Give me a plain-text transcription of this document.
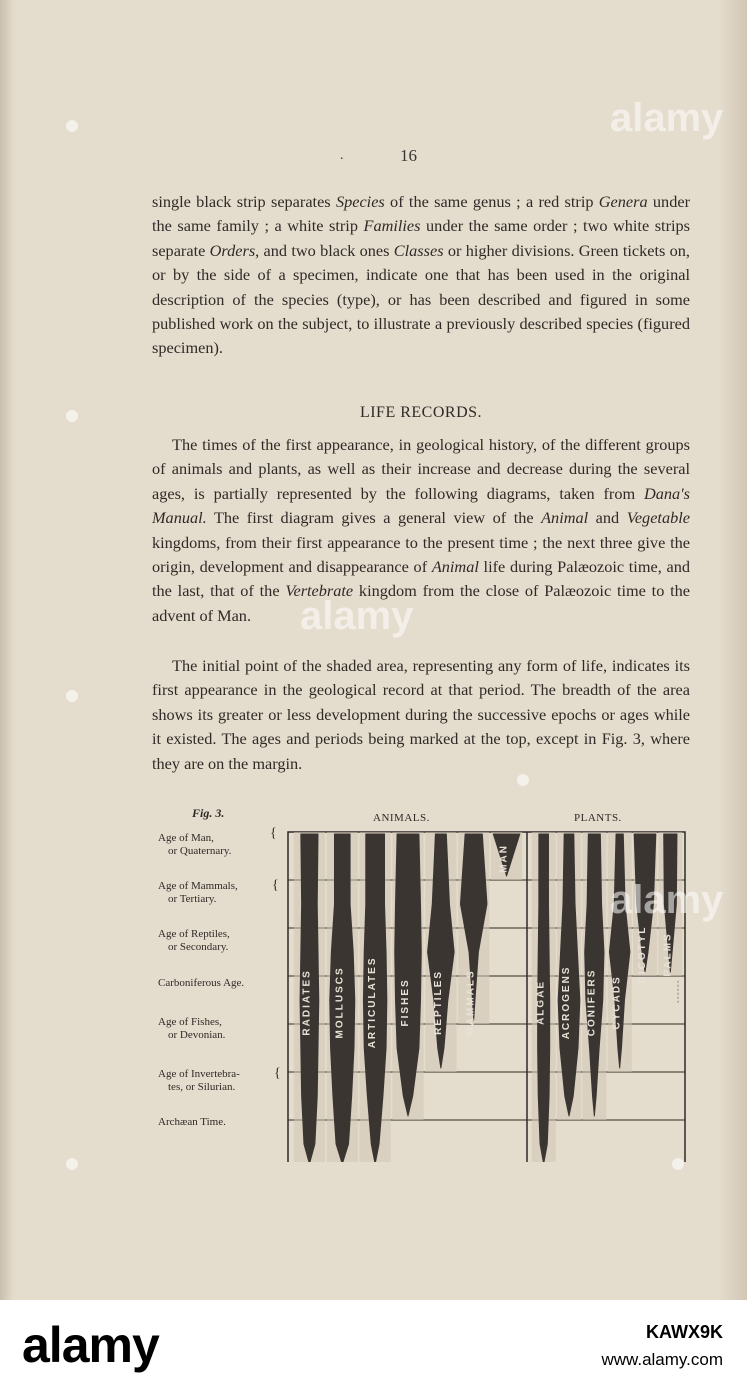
.	16

single black strip separates Species of the same genus ; a red strip Genera under the same family ; a white strip Families under the same order ; two white strips separate Orders, and two black ones Classes or higher divisions. Green tickets on, or by the side of a specimen, indicate one that has been used in the original description of the species (type), or has been described and figured in some published work on the subject, to illustrate a previously described species (figured specimen).

LIFE RECORDS.

The times of the first appearance, in geological history, of the different groups of animals and plants, as well as their increase and decrease during the several ages, is partially represented by the following diagrams, taken from Dana's Manual. The first diagram gives a general view of the Animal and Vegetable kingdoms, from their first appearance to the present time ; the next three give the origin, development and disappearance of Animal life during Palæozoic time, and the last, that of the Vertebrate kingdom from the close of Palæozoic time to the advent of Man.

The initial point of the shaded area, representing any form of life, indicates its first appearance in the geological record at that period. The breadth of the area shows its greater or less development during the successive epochs or ages while it existed. The ages and periods being marked at the top, except in Fig. 3, where they are on the margin.

Fig. 3.	ANIMALS.	PLANTS.
Age of Man,
or Quaternary.
{
Age of Mammals,
or Tertiary.
{
Age of Reptiles,
or Secondary.
Carboniferous Age.
Age of Fishes,
or Devonian.
Age of Invertebra-
tes, or Silurian.
{
Archæan Time.
RADIATES MOLLUSCS ARTICULATES FISHES REPTILES MAMMALS
MAN
ALGAE ACROGENS CONIFERS CYCADS
DICOTYL PALMS
alamy
alamy
alamy
alamy	KAWX9K
www.alamy.com
